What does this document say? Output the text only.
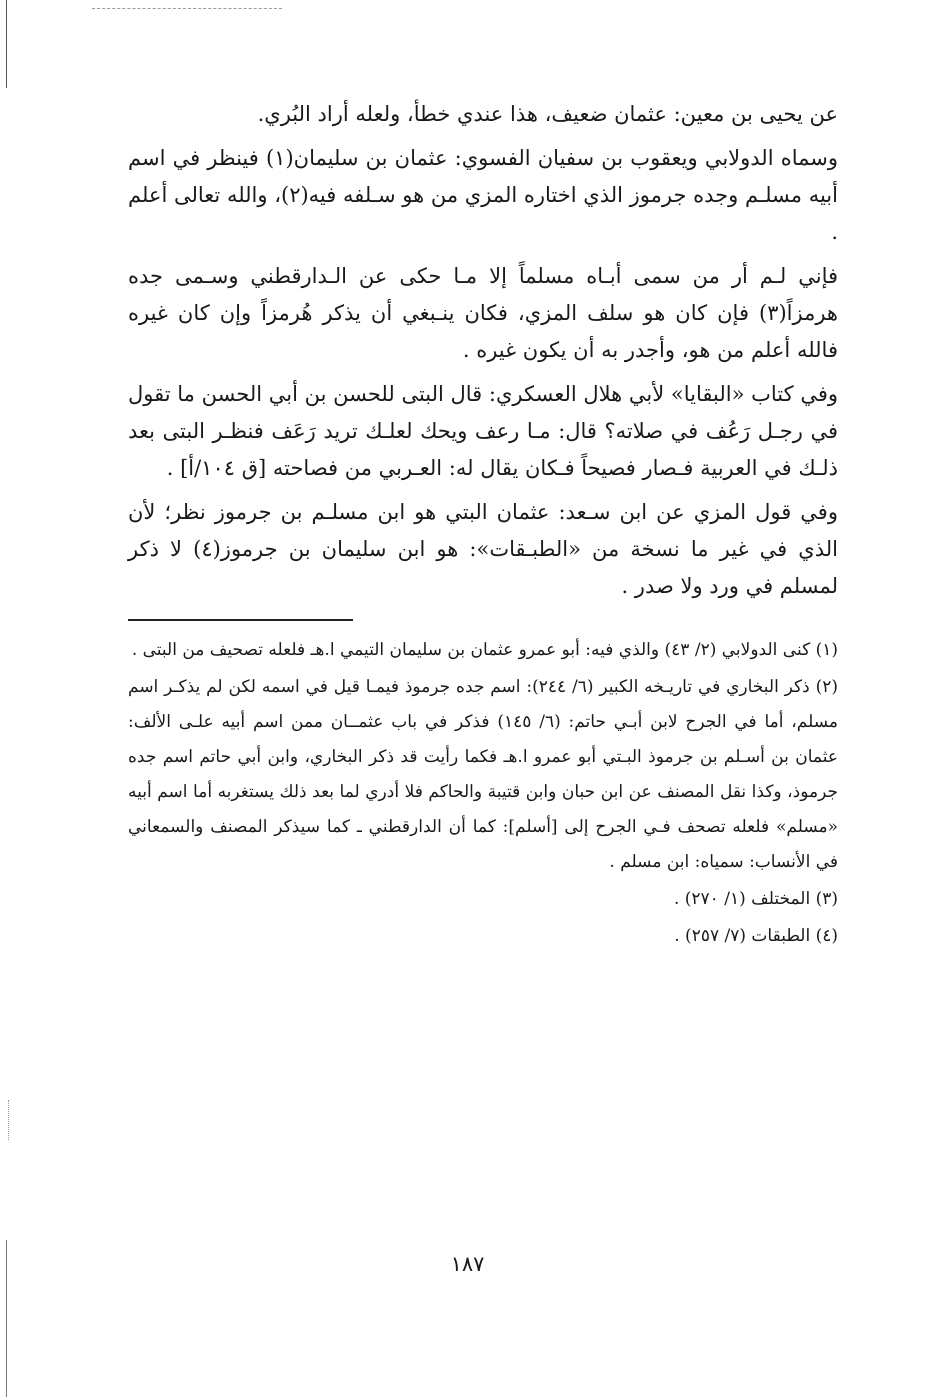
عن يحيى بن معين: عثمان ضعيف، هذا عندي خطأ، ولعله أراد البُري.

وسماه الدولابي ويعقوب بن سفيان الفسوي: عثمان بن سليمان(١) فينظر في اسم أبيه مسلـم وجده جرموز الذي اختاره المزي من هو سـلفه فيه(٢)، والله تعالى أعلم .

فإني لـم أر من سمى أبـاه مسلماً إلا مـا حكى عن الـدارقطني وسـمى جده هرمزاً(٣) فإن كان هو سلف المزي، فكان ينـبغي أن يذكر هُرمزاً وإن كان غيره فالله أعلم من هو، وأجدر به أن يكون غيره .

وفي كتاب «البقايا» لأبي هلال العسكري: قال البتى للحسن بن أبي الحسن ما تقول في رجـل رَعُف في صلاته؟ قال: مـا رعف ويحك لعلـك تريد رَعَف فنظـر البتى بعد ذلـك في العربية فـصار فصيحاً فـكان يقال له: العـربي من فصاحته [ق ١٠٤/أ] .

وفي قول المزي عن ابن سـعد: عثمان البتي هو ابن مسلـم بن جرموز نظر؛ لأن الذي في غير ما نسخة من «الطبـقات»: هو ابن سليمان بن جرموز(٤) لا ذكر لمسلم في ورد ولا صدر .

(١) كنى الدولابي (٢/ ٤٣) والذي فيه: أبو عمرو عثمان بن سليمان التيمي ا.هـ فلعله تصحيف من البتى .

(٢) ذكر البخاري في تاريـخه الكبير (٦/ ٢٤٤): اسم جده جرموذ فيمـا قيل في اسمه لكن لم يذكـر اسم مسلم، أما في الجرح لابن أبـي حاتم: (٦/ ١٤٥) فذكر في باب عثمــان ممن اسم أبيه علـى الألف: عثمان بن أسـلم بن جرموذ البـتي أبو عمرو ا.هـ فكما رأيت قد ذكر البخاري، وابن أبي حاتم اسم جده جرموذ، وكذا نقل المصنف عن ابن حبان وابن قتيبة والحاكم فلا أدري لما بعد ذلك يستغربه أما اسم أبيه «مسلم» فلعله تصحف فـي الجرح إلى [أسلم]: كما أن الدارقطني ـ كما سيذكر المصنف والسمعاني في الأنساب: سمياه: ابن مسلم .

(٣) المختلف (١/ ٢٧٠) .

(٤) الطبقات (٧/ ٢٥٧) .

١٨٧
